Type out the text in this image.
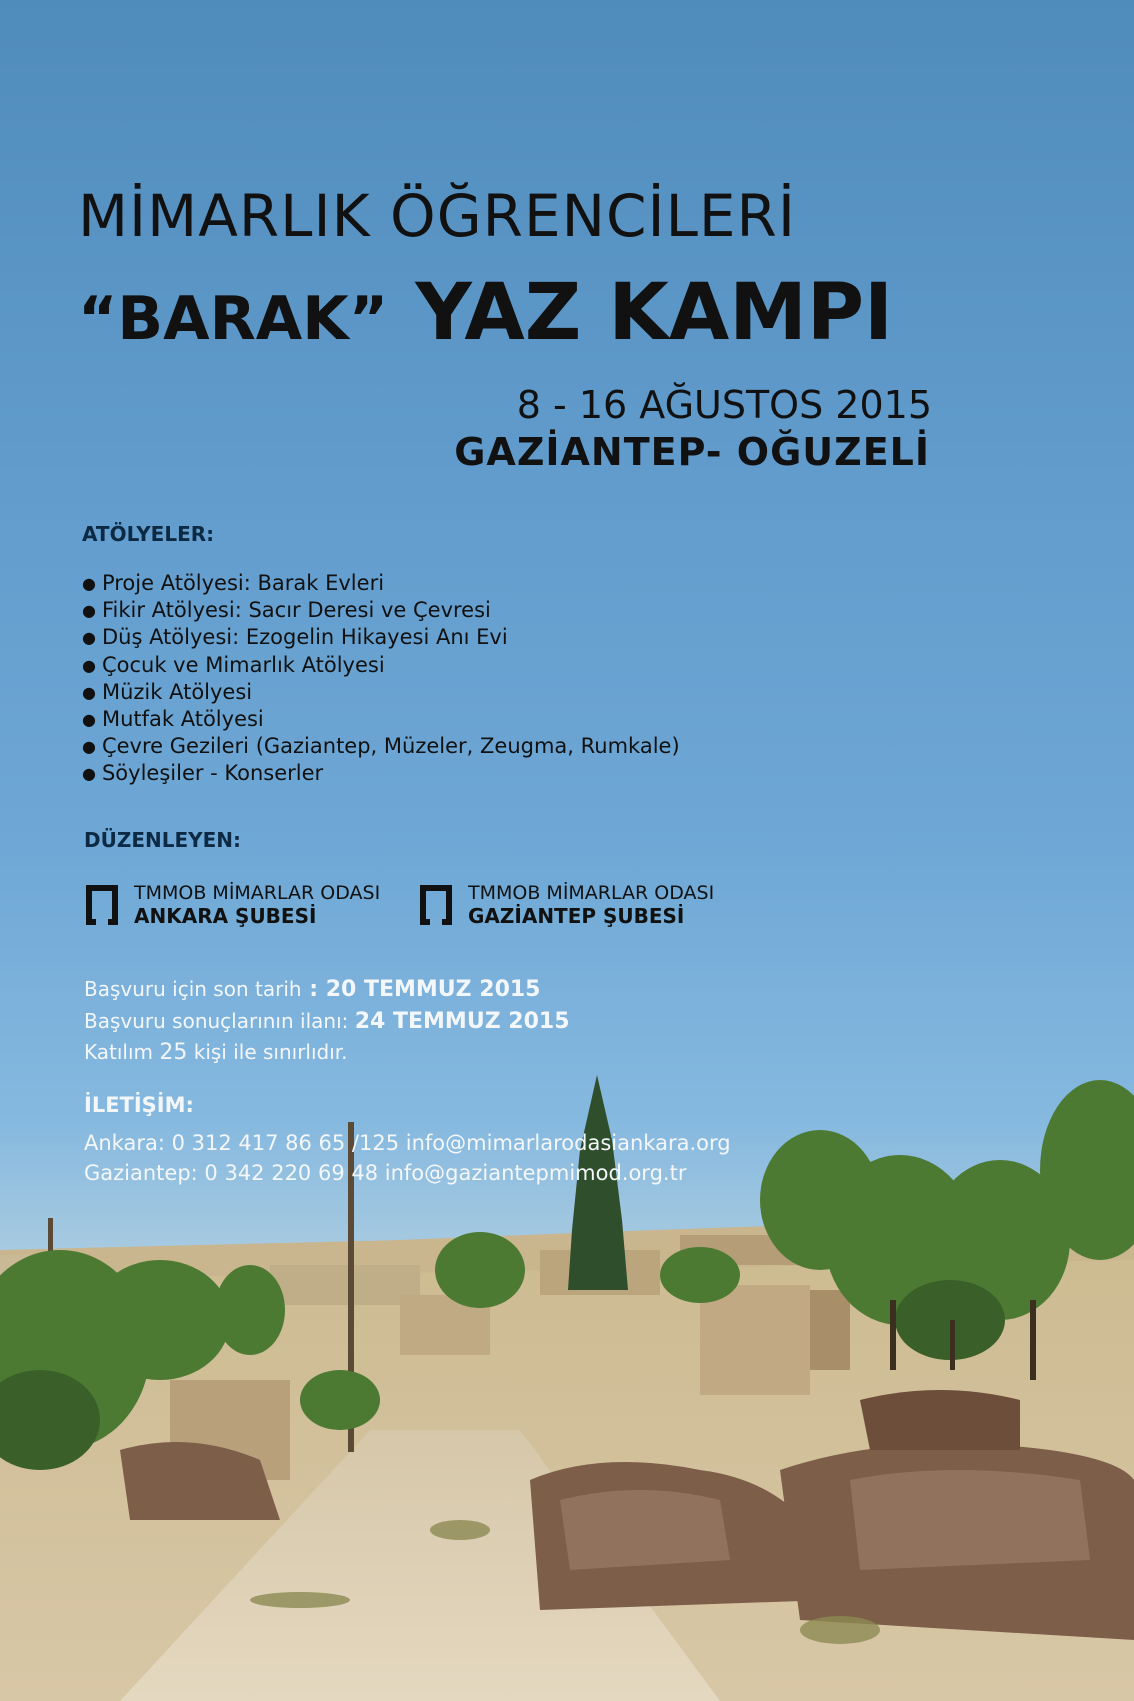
MİMARLIK ÖĞRENCİLERİ
“BARAK” YAZ KAMPI
8 - 16 AĞUSTOS 2015
GAZİANTEP- OĞUZELİ
ATÖLYELER:
● Proje Atölyesi: Barak Evleri
● Fikir Atölyesi: Sacır Deresi ve Çevresi
● Düş Atölyesi: Ezogelin Hikayesi Anı Evi
● Çocuk ve Mimarlık Atölyesi
● Müzik Atölyesi
● Mutfak Atölyesi
● Çevre Gezileri (Gaziantep, Müzeler, Zeugma, Rumkale)
● Söyleşiler - Konserler
DÜZENLEYEN:
TMMOB MİMARLAR ODASI
ANKARA ŞUBESİ
TMMOB MİMARLAR ODASI
GAZİANTEP ŞUBESİ
Başvuru için son tarih : 20 TEMMUZ 2015
Başvuru sonuçlarının ilanı: 24 TEMMUZ 2015
Katılım 25 kişi ile sınırlıdır.
İLETİŞİM:
Ankara: 0 312 417 86 65 /125 info@mimarlarodasiankara.org
Gaziantep: 0 342 220 69 48 info@gaziantepmimod.org.tr
